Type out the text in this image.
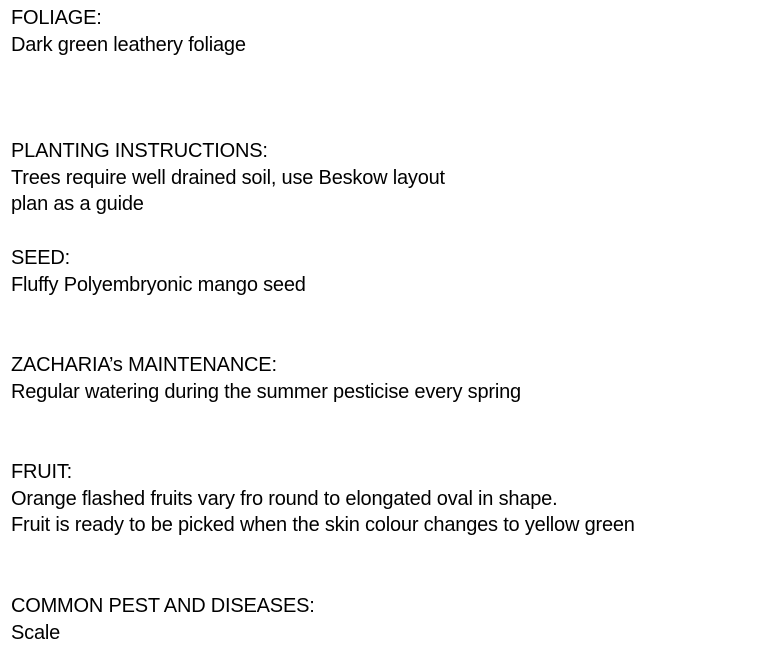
FOLIAGE:
Dark green leathery foliage
PLANTING INSTRUCTIONS:
Trees require well drained soil, use Beskow layout
plan as a guide
SEED:
Fluffy Polyembryonic mango seed
ZACHARIA’s MAINTENANCE:
Regular watering during the summer pesticise every spring
FRUIT:
Orange flashed fruits vary fro round to elongated oval in shape.
Fruit is ready to be picked when the skin colour changes to yellow green
COMMON PEST AND DISEASES:
Scale
